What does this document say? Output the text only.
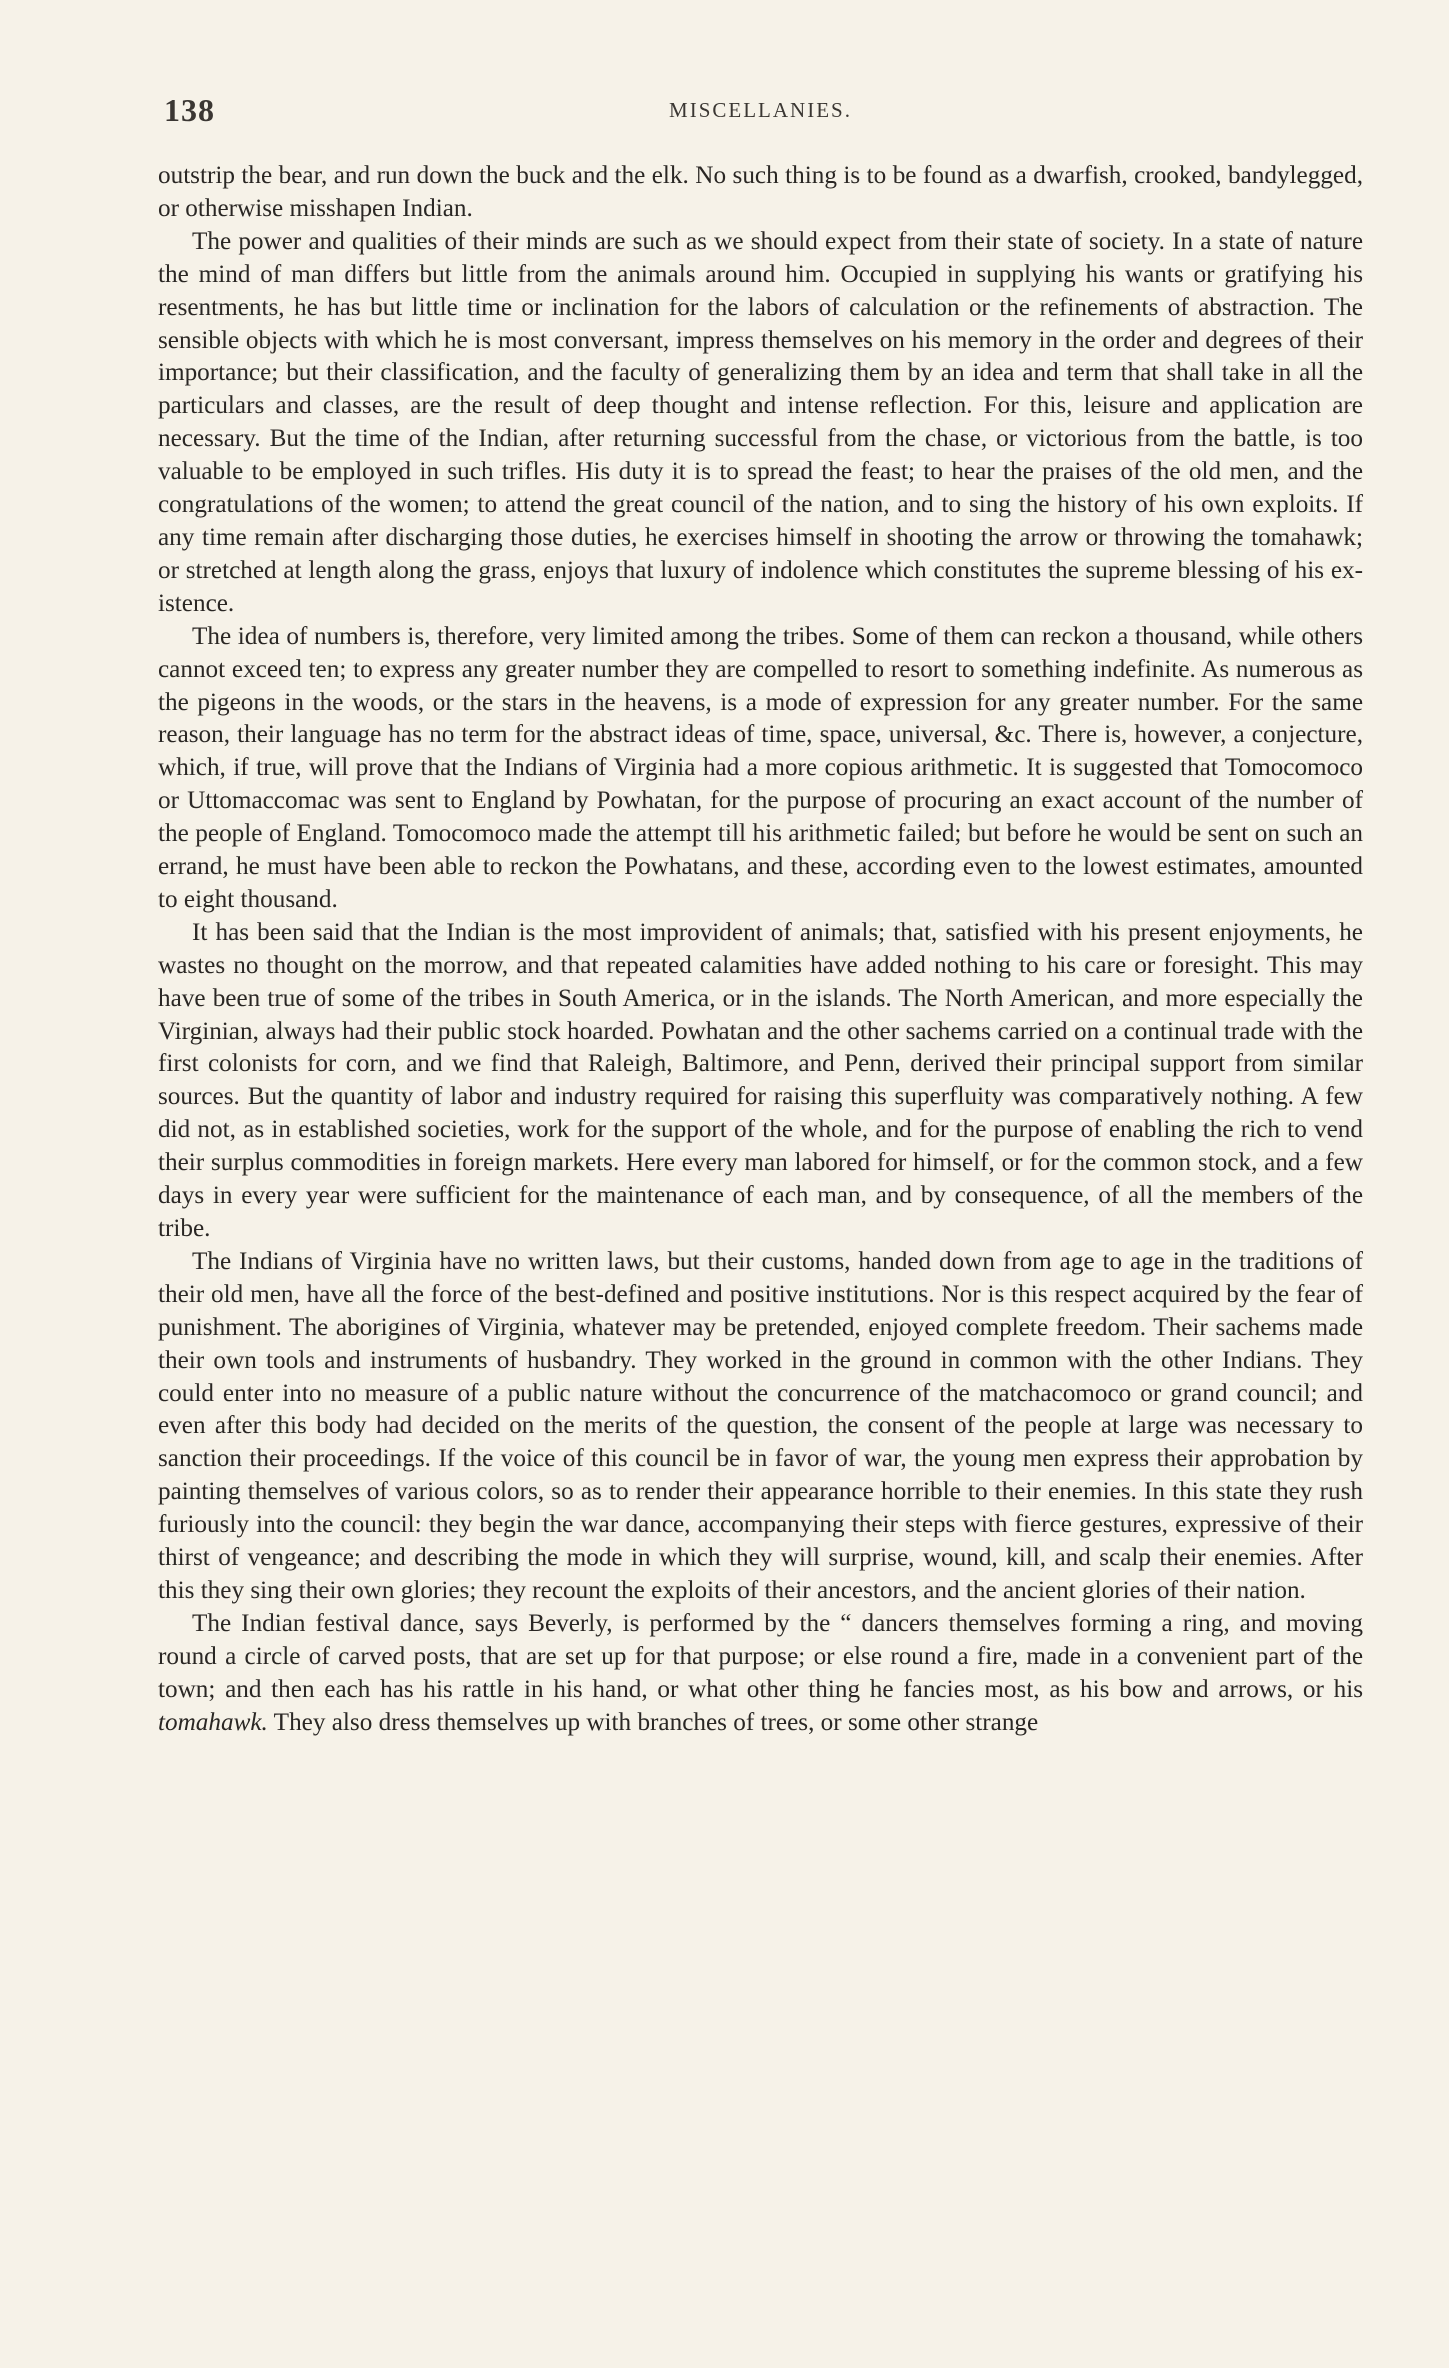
138	MISCELLANIES.

outstrip the bear, and run down the buck and the elk. No such thing is to be found as a dwarfish, crooked, bandylegged, or otherwise misshapen Indian.

The power and qualities of their minds are such as we should expect from their state of society. In a state of nature the mind of man differs but little from the animals around him. Occupied in supplying his wants or gratifying his resentments, he has but little time or inclination for the labors of calculation or the refinements of abstraction. The sensible objects with which he is most conversant, impress themselves on his memory in the order and degrees of their importance; but their classification, and the faculty of generalizing them by an idea and term that shall take in all the particulars and classes, are the result of deep thought and intense reflection. For this, leisure and application are necessary. But the time of the Indian, after returning successful from the chase, or victorious from the battle, is too valuable to be employed in such trifles. His duty it is to spread the feast; to hear the praises of the old men, and the congratulations of the women; to attend the great council of the nation, and to sing the history of his own exploits. If any time remain after discharging those duties, he exercises himself in shooting the arrow or throwing the tomahawk; or stretched at length along the grass, enjoys that luxury of indolence which constitutes the supreme blessing of his existence.

The idea of numbers is, therefore, very limited among the tribes. Some of them can reckon a thousand, while others cannot exceed ten; to express any greater number they are compelled to resort to something indefinite. As numerous as the pigeons in the woods, or the stars in the heavens, is a mode of expression for any greater number. For the same reason, their language has no term for the abstract ideas of time, space, universal, &c. There is, however, a conjecture, which, if true, will prove that the Indians of Virginia had a more copious arithmetic. It is suggested that Tomocomoco or Uttomaccomac was sent to England by Powhatan, for the purpose of procuring an exact account of the number of the people of England. Tomocomoco made the attempt till his arithmetic failed; but before he would be sent on such an errand, he must have been able to reckon the Powhatans, and these, according even to the lowest estimates, amounted to eight thousand.

It has been said that the Indian is the most improvident of animals; that, satisfied with his present enjoyments, he wastes no thought on the morrow, and that repeated calamities have added nothing to his care or foresight. This may have been true of some of the tribes in South America, or in the islands. The North American, and more especially the Virginian, always had their public stock hoarded. Powhatan and the other sachems carried on a continual trade with the first colonists for corn, and we find that Raleigh, Baltimore, and Penn, derived their principal support from similar sources. But the quantity of labor and industry required for raising this superfluity was comparatively nothing. A few did not, as in established societies, work for the support of the whole, and for the purpose of enabling the rich to vend their surplus commodities in foreign markets. Here every man labored for himself, or for the common stock, and a few days in every year were sufficient for the maintenance of each man, and by consequence, of all the members of the tribe.

The Indians of Virginia have no written laws, but their customs, handed down from age to age in the traditions of their old men, have all the force of the best-defined and positive institutions. Nor is this respect acquired by the fear of punishment. The aborigines of Virginia, whatever may be pretended, enjoyed complete freedom. Their sachems made their own tools and instruments of husbandry. They worked in the ground in common with the other Indians. They could enter into no measure of a public nature without the concurrence of the matchacomoco or grand council; and even after this body had decided on the merits of the question, the consent of the people at large was necessary to sanction their proceedings. If the voice of this council be in favor of war, the young men express their approbation by painting themselves of various colors, so as to render their appearance horrible to their enemies. In this state they rush furiously into the council: they begin the war dance, accompanying their steps with fierce gestures, expressive of their thirst of vengeance; and describing the mode in which they will surprise, wound, kill, and scalp their enemies. After this they sing their own glories; they recount the exploits of their ancestors, and the ancient glories of their nation.

The Indian festival dance, says Beverly, is performed by the “ dancers themselves forming a ring, and moving round a circle of carved posts, that are set up for that purpose; or else round a fire, made in a convenient part of the town; and then each has his rattle in his hand, or what other thing he fancies most, as his bow and arrows, or his tomahawk. They also dress themselves up with branches of trees, or some other strange
